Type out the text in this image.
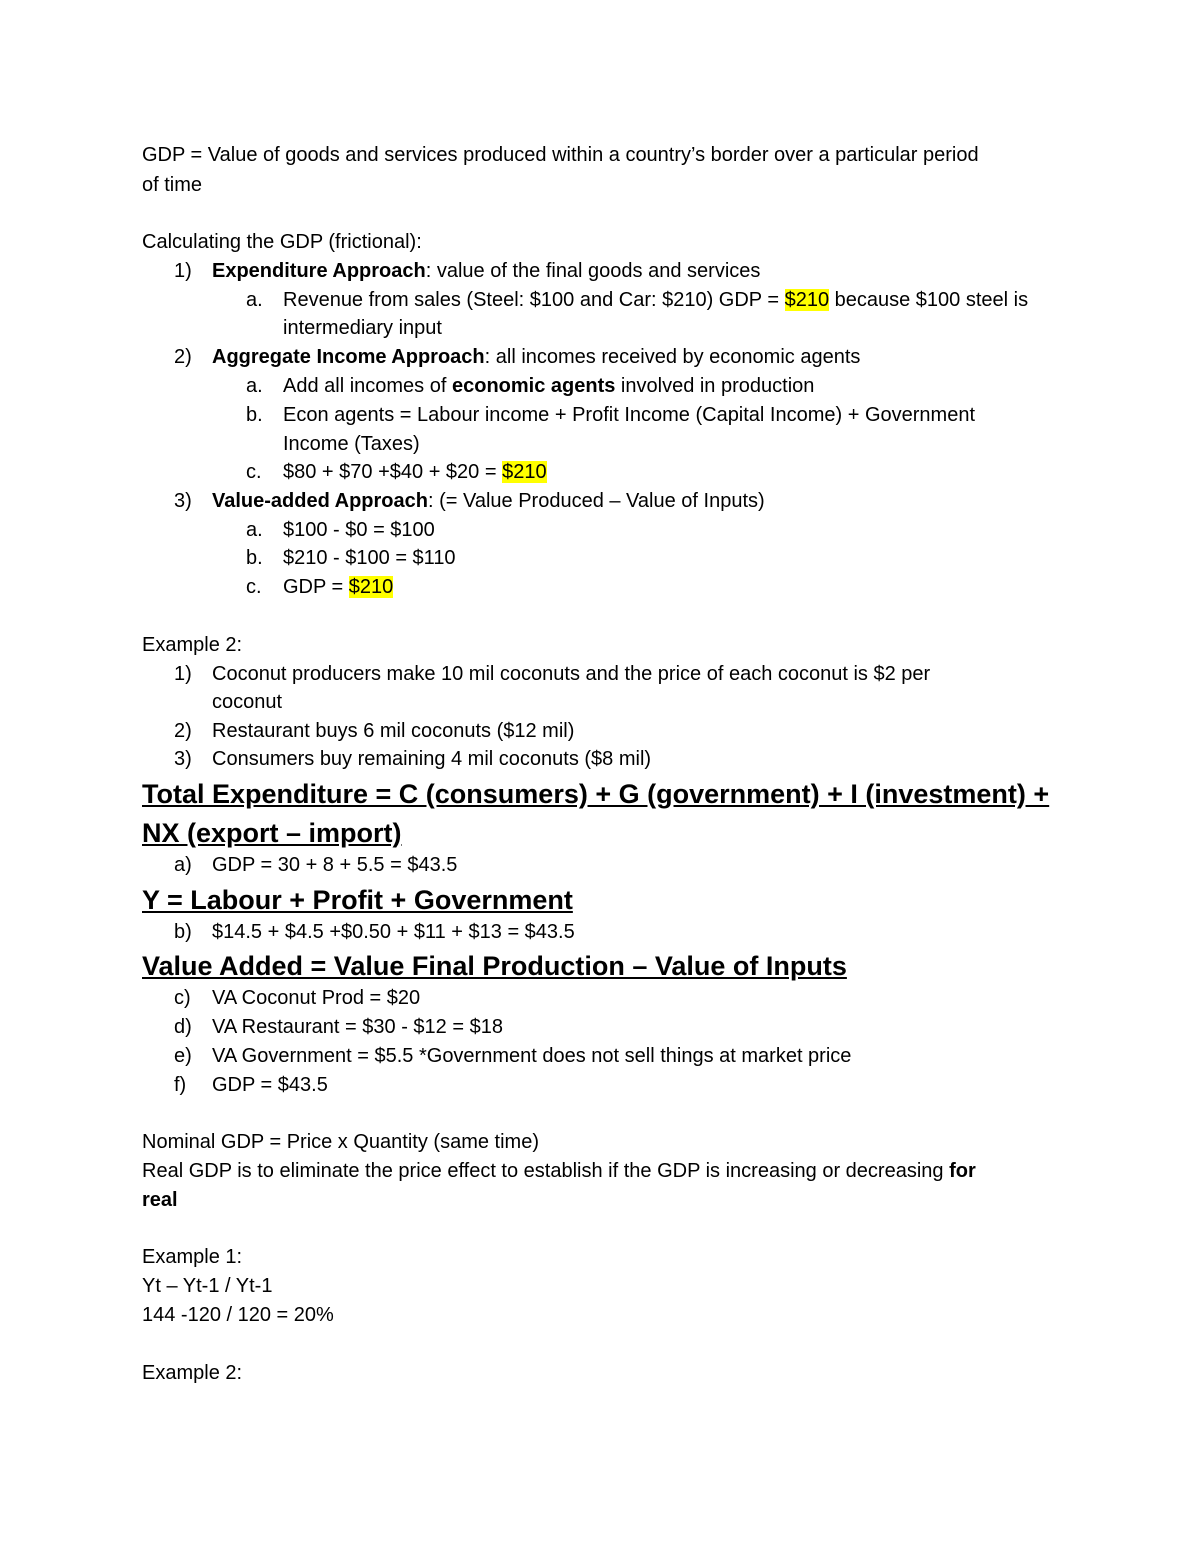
GDP = Value of goods and services produced within a country’s border over a particular period
of time
Calculating the GDP (frictional):
1)	Expenditure Approach: value of the final goods and services
a.	Revenue from sales (Steel: $100 and Car: $210) GDP = $210 because $100 steel is
intermediary input
2)	Aggregate Income Approach: all incomes received by economic agents
a.	Add all incomes of economic agents involved in production
b.	Econ agents = Labour income + Profit Income (Capital Income) + Government
Income (Taxes)
c.	$80 + $70 +$40 + $20 = $210
3)	Value-added Approach: (= Value Produced – Value of Inputs)
a.	$100 - $0 = $100
b.	$210 - $100 = $110
c.	GDP = $210
Example 2:
1)	Coconut producers make 10 mil coconuts and the price of each coconut is $2 per
coconut
2)	Restaurant buys 6 mil coconuts ($12 mil)
3)	Consumers buy remaining 4 mil coconuts ($8 mil)
Total Expenditure = C (consumers) + G (government) + I (investment) +
NX (export – import)
a)	GDP = 30 + 8 + 5.5 = $43.5
Y = Labour + Profit + Government
b)	$14.5 + $4.5 +$0.50 + $11 + $13 = $43.5
Value Added = Value Final Production – Value of Inputs
c)	VA Coconut Prod = $20
d)	VA Restaurant = $30 - $12 = $18
e)	VA Government = $5.5 *Government does not sell things at market price
f)	GDP = $43.5
Nominal GDP = Price x Quantity (same time)
Real GDP is to eliminate the price effect to establish if the GDP is increasing or decreasing for
real
Example 1:
Yt – Yt-1 / Yt-1
144 -120 / 120 = 20%
Example 2:
